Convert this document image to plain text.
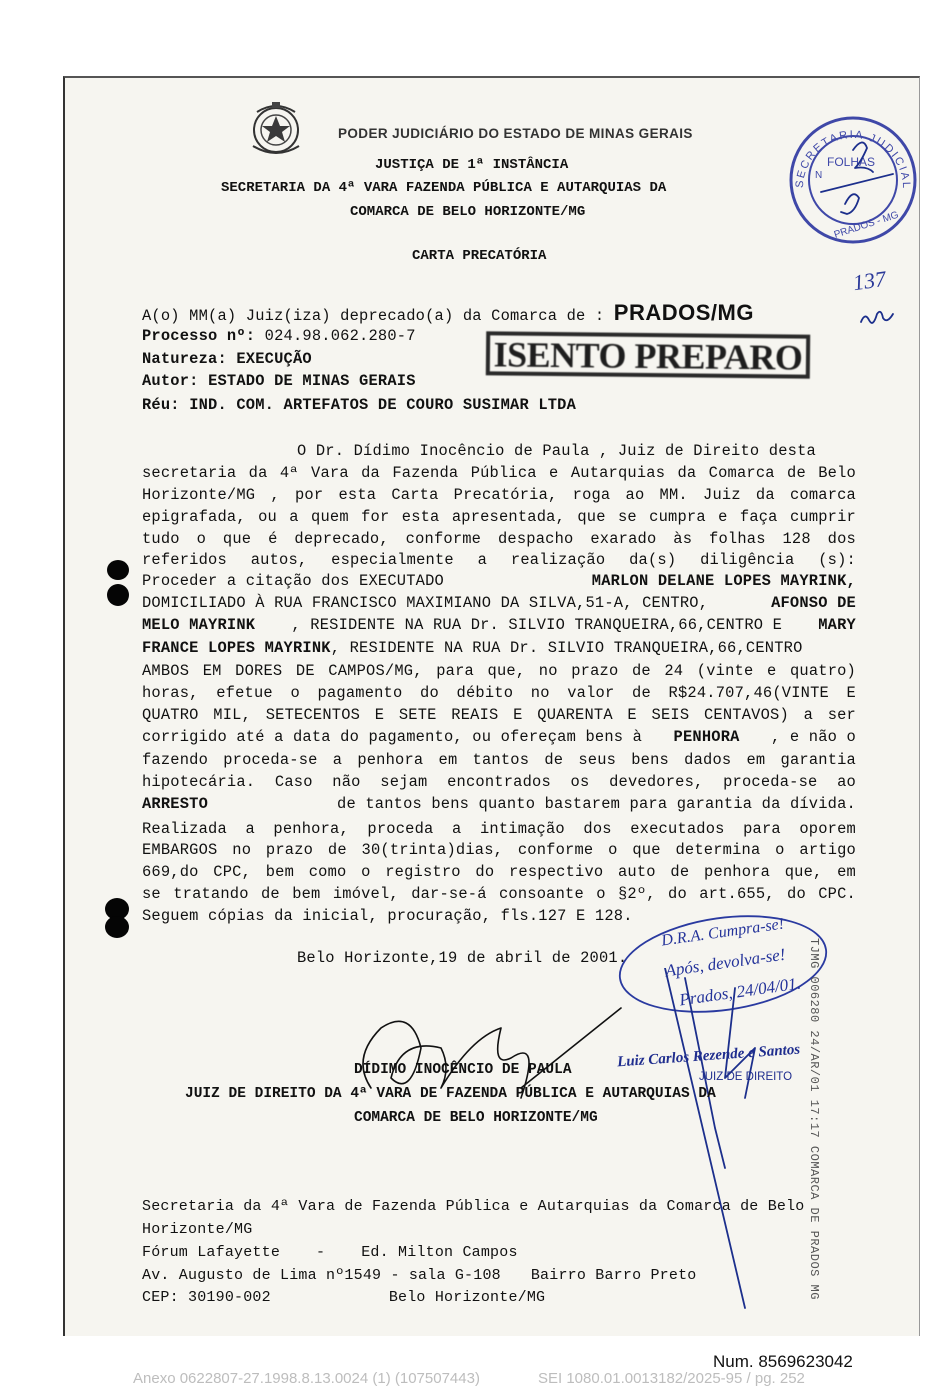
PODER JUDICIÁRIO DO ESTADO DE MINAS GERAIS
JUSTIÇA DE 1ª INSTÂNCIA
SECRETARIA DA 4ª VARA FAZENDA PÚBLICA E AUTARQUIAS DA
COMARCA DE BELO HORIZONTE/MG
CARTA PRECATÓRIA
SECRETARIA JUDICIAL
FOLHAS
N
PRADOS - MG
137
A(o) MM(a) Juiz(iza) deprecado(a) da Comarca de : PRADOS/MG
Processo nº: 024.98.062.280-7
Natureza: EXECUÇÃO
Autor: ESTADO DE MINAS GERAIS
Réu: IND. COM. ARTEFATOS DE COURO SUSIMAR LTDA
ISENTO PREPARO
O Dr. Dídimo Inocêncio de Paula , Juiz de Direito desta
secretaria da 4ª Vara da Fazenda Pública e Autarquias da Comarca de Belo
Horizonte/MG , por esta Carta Precatória, roga ao MM. Juiz da comarca
epigrafada, ou a quem for esta apresentada, que se cumpra e faça cumprir
tudo o que é deprecado, conforme despacho exarado às folhas 128 dos
referidos autos, especialmente a realização da(s) diligência (s):
Proceder a citação dos EXECUTADO	MARLON DELANE LOPES MAYRINK,
DOMICILIADO À RUA FRANCISCO MAXIMIANO DA SILVA,51-A, CENTRO,	AFONSO DE
MELO MAYRINK , RESIDENTE NA RUA Dr. SILVIO TRANQUEIRA,66,CENTRO E MARY
FRANCE LOPES MAYRINK, RESIDENTE NA RUA Dr. SILVIO TRANQUEIRA,66,CENTRO
AMBOS EM DORES DE CAMPOS/MG, para que, no prazo de 24 (vinte e quatro)
horas, efetue o pagamento do débito no valor de R$24.707,46(VINTE E
QUATRO MIL, SETECENTOS E SETE REAIS E QUARENTA E SEIS CENTAVOS) a ser
corrigido até a data do pagamento, ou ofereçam bens à PENHORA , e não o
fazendo proceda-se a penhora em tantos de seus bens dados em garantia
hipotecária. Caso não sejam encontrados os devedores, proceda-se ao
ARRESTO	de tantos bens quanto bastarem para garantia da dívida.
Realizada a penhora, proceda a intimação dos executados para oporem
EMBARGOS no prazo de 30(trinta)dias, conforme o que determina o artigo
669,do CPC, bem como o registro do respectivo auto de penhora que, em
se tratando de bem imóvel, dar-se-á consoante o §2º, do art.655, do CPC.
Seguem cópias da inicial, procuração, fls.127 E 128.
Belo Horizonte,19 de abril de 2001.
D.R.A. Cumpra-se!
Após, devolva-se!
Prados, 24/04/01.
DÍDIMO INOCÊNCIO DE PAULA
JUIZ DE DIREITO DA 4ª VARA DE FAZENDA PÚBLICA E AUTARQUIAS DA
COMARCA DE BELO HORIZONTE/MG
Luiz Carlos Rezende e Santos
JUIZ DE DIREITO TJMG 006280 24/AR/01 17:17 COMARCA DE PRADOS MG
Secretaria da 4ª Vara de Fazenda Pública e Autarquias da Comarca de Belo
Horizonte/MG
Fórum Lafayette - Ed. Milton Campos
Av. Augusto de Lima nº1549 - sala G-108 Bairro Barro Preto
CEP: 30190-002	Belo Horizonte/MG
Num. 8569623042
Anexo 0622807-27.1998.8.13.0024 (1) (107507443)	SEI 1080.01.0013182/2025-95 / pg. 252
